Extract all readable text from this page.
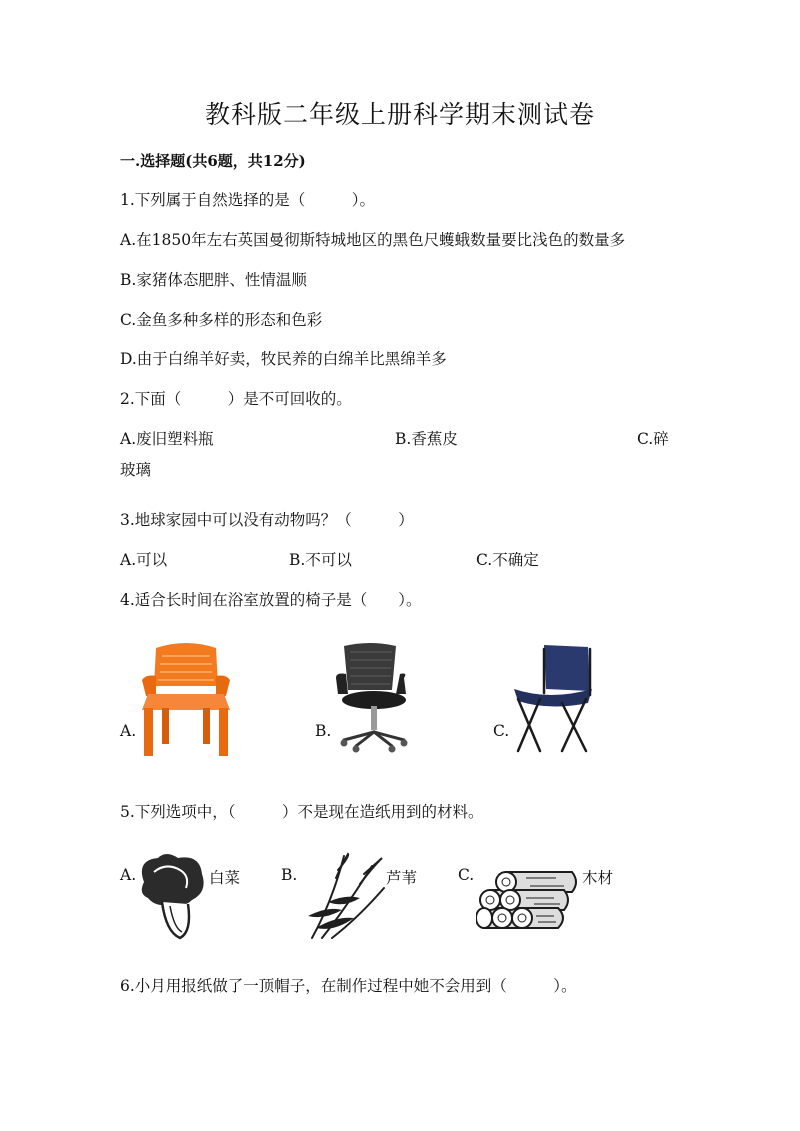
教科版二年级上册科学期末测试卷
一.选择题(共6题，共12分)
1.下列属于自然选择的是（　　　）。
A.在1850年左右英国曼彻斯特城地区的黑色尺蠖蛾数量要比浅色的数量多
B.家猪体态肥胖、性情温顺
C.金鱼多种多样的形态和色彩
D.由于白绵羊好卖，牧民养的白绵羊比黑绵羊多
2.下面（　　　）是不可回收的。
A.废旧塑料瓶	B.香蕉皮	C.碎
玻璃
3.地球家园中可以没有动物吗？（　　　）
A.可以	B.不可以	C.不确定
4.适合长时间在浴室放置的椅子是（　　）。
A.	B.	C.
5.下列选项中，（　　　）不是现在造纸用到的材料。
A.	白菜	B.	芦苇	C.	木材
6.小月用报纸做了一顶帽子，在制作过程中她不会用到（　　　）。
